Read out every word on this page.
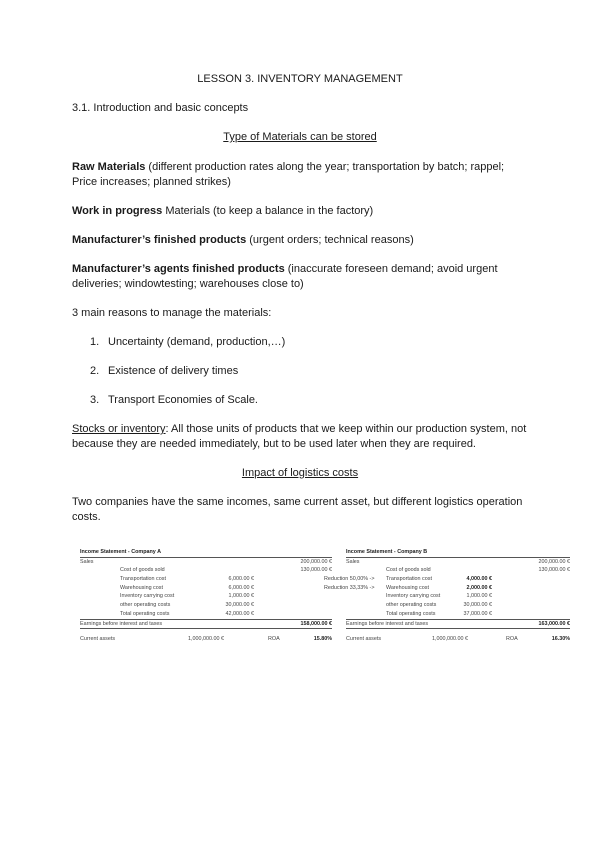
LESSON 3. INVENTORY MANAGEMENT

3.1. Introduction and basic concepts

Type of Materials can be stored

Raw Materials (different production rates along the year; transportation by batch; rappel; Price increases; planned strikes)

Work in progress Materials (to keep a balance in the factory)

Manufacturer’s finished products (urgent orders; technical reasons)

Manufacturer’s agents finished products (inaccurate foreseen demand; avoid urgent deliveries; windowtesting; warehouses close to)

3 main reasons to manage the materials:

1. Uncertainty (demand, production,…)
2. Existence of delivery times
3. Transport Economies of Scale.

Stocks or inventory: All those units of products that we keep within our production system, not because they are needed immediately, but to be used later when they are required.

Impact of logistics costs

Two companies have the same incomes, same current asset, but different logistics operation costs.

Income Statement - Company A
Sales	200,000.00 €
Cost of goods sold	130,000.00 €
Transportation cost	6,000.00 €
Warehousing cost	6,000.00 €
Inventory carrying cost	1,000.00 €
other operating costs	30,000.00 €
Total operating costs	42,000.00 €
Earnings before interest and taxes	158,000.00 €
Current assets	1,000,000.00 €	ROA	15.80%
Income Statement - Company B
Sales	200,000.00 €
Cost of goods sold	130,000.00 €
Reduction 50,00% -> Transportation cost	4,000.00 €
Reduction 33,33% -> Warehousing cost	2,000.00 €
Inventory carrying cost	1,000.00 €
other operating costs	30,000.00 €
Total operating costs	37,000.00 €
Earnings before interest and taxes	163,000.00 €
Current assets	1,000,000.00 €	ROA	16.30%
